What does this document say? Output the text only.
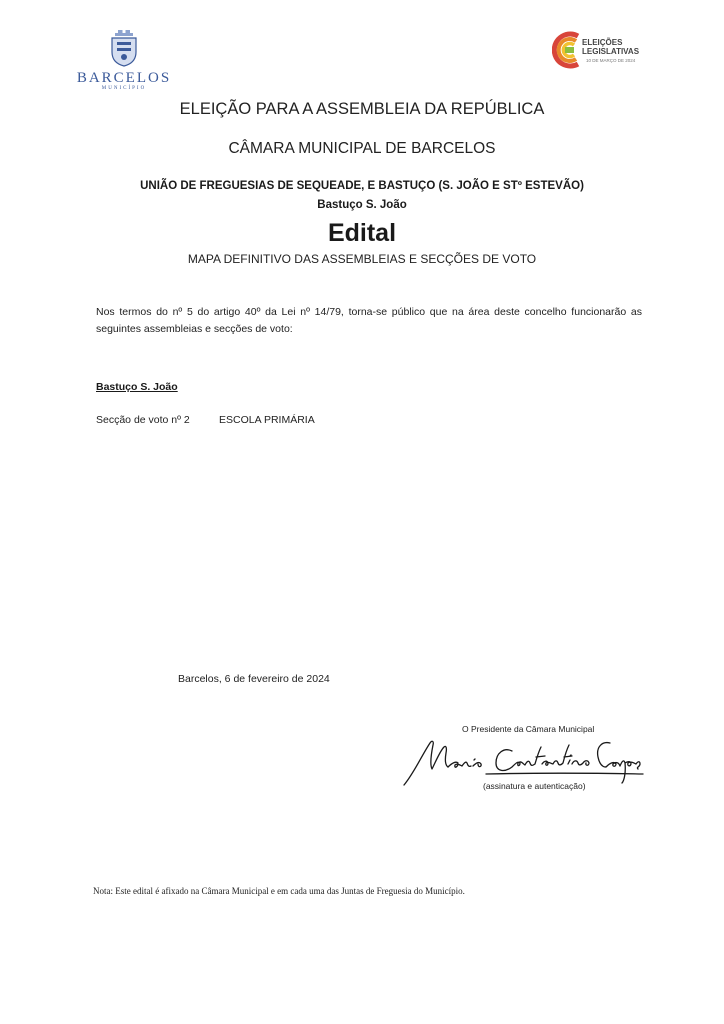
BARCELOS
MUNICÍPIO
ELEIÇÕES
LEGISLATIVAS
10 DE MARÇO DE 2024
ELEIÇÃO PARA A ASSEMBLEIA DA REPÚBLICA
CÂMARA MUNICIPAL DE BARCELOS
UNIÃO DE FREGUESIAS DE SEQUEADE, E BASTUÇO (S. JOÃO E STº ESTEVÃO)
Bastuço S. João
Edital
MAPA DEFINITIVO DAS ASSEMBLEIAS E SECÇÕES DE VOTO
Nos termos do nº 5 do artigo 40º da Lei nº 14/79, torna-se público que na área deste concelho funcionarão as seguintes assembleias e secções de voto:
Bastuço S. João
Secção de voto nº 2	ESCOLA PRIMÁRIA
Barcelos, 6 de fevereiro de 2024
O Presidente da Câmara Municipal
(assinatura e autenticação)
Nota: Este edital é afixado na Câmara Municipal e em cada uma das Juntas de Freguesia do Município.
